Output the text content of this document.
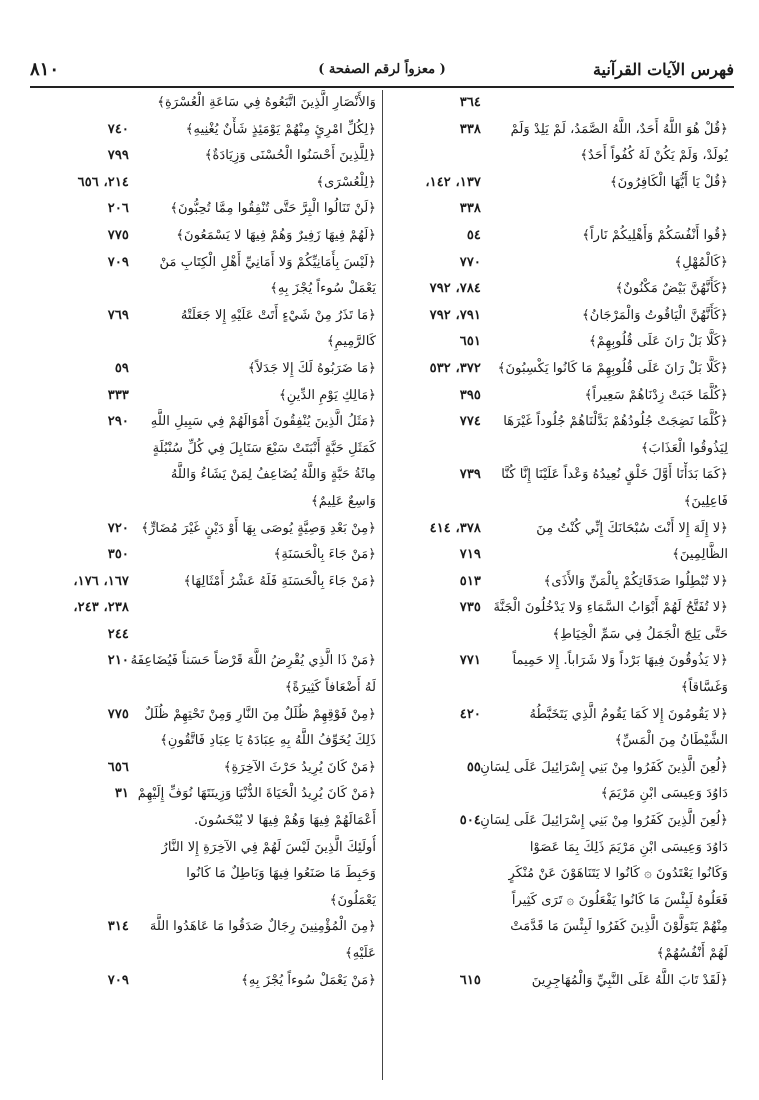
فهرس الآيات القرآنية
( معزواً لرقم الصفحة )
٨١٠
٣٦٤
﴿قُلْ هُوَ اللَّهُ أَحَدٌ، اللَّهُ الصَّمَدُ، لَمْ يَلِدْ وَلَمْ
٣٣٨
يُولَدْ، وَلَمْ يَكُنْ لَهُ كُفُواً أَحَدٌ﴾
﴿قُلْ يَا أَيُّهَا الْكَافِرُونَ﴾
١٣٧، ١٤٢،
٣٣٨
﴿قُوا أَنْفُسَكُمْ وَأَهْلِيكُمْ نَاراً﴾
٥٤
﴿كَالْمُهْلِ﴾
٧٧٠
﴿كَأَنَّهُنَّ بَيْضٌ مَكْنُونٌ﴾
٧٨٤، ٧٩٢
﴿كَأَنَّهُنَّ الْيَاقُوتُ وَالْمَرْجَانُ﴾
٧٩١، ٧٩٢
﴿كَلَّا بَلْ رَانَ عَلَى قُلُوبِهِمْ﴾
٦٥١
﴿كَلَّا بَلْ رَانَ عَلَى قُلُوبِهِمْ مَا كَانُوا يَكْسِبُونَ﴾
٣٧٢، ٥٣٢
﴿كُلَّمَا خَبَتْ زِدْنَاهُمْ سَعِيراً﴾
٣٩٥
﴿كُلَّمَا نَضِجَتْ جُلُودُهُمْ بَدَّلْنَاهُمْ جُلُوداً غَيْرَهَا
٧٧٤
لِيَذُوقُوا الْعَذَابَ﴾
﴿كَمَا بَدَأْنَا أَوَّلَ خَلْقٍ نُعِيدُهُ وَعْداً عَلَيْنَا إِنَّا كُنَّا
٧٣٩
فَاعِلِينَ﴾
﴿لا إِلَهَ إِلا أَنْتَ سُبْحَانَكَ إِنِّي كُنْتُ مِنَ
٣٧٨، ٤١٤
الظَّالِمِينَ﴾
٧١٩
﴿لا تُبْطِلُوا صَدَقَاتِكُمْ بِالْمَنِّ وَالأَذَى﴾
٥١٣
﴿لا تُفَتَّحُ لَهُمْ أَبْوَابُ السَّمَاءِ وَلا يَدْخُلُونَ الْجَنَّةَ
٧٣٥
حَتَّى يَلِجَ الْجَمَلُ فِي سَمِّ الْخِيَاطِ﴾
﴿لا يَذُوقُونَ فِيهَا بَرْداً وَلا شَرَاباً. إِلا حَمِيماً
٧٧١
وَغَسَّاقاً﴾
﴿لا يَقُومُونَ إِلا كَمَا يَقُومُ الَّذِي يَتَخَبَّطُهُ
٤٢٠
الشَّيْطَانُ مِنَ الْمَسِّ﴾
﴿لُعِنَ الَّذِينَ كَفَرُوا مِنْ بَنِي إِسْرَائِيلَ عَلَى لِسَانِ
٥٥
دَاوُدَ وَعِيسَى ابْنِ مَرْيَمَ﴾
﴿لُعِنَ الَّذِينَ كَفَرُوا مِنْ بَنِي إِسْرَائِيلَ عَلَى لِسَانِ
٥٠٤
دَاوُدَ وَعِيسَى ابْنِ مَرْيَمَ ذَلِكَ بِمَا عَصَوْا
وَكَانُوا يَعْتَدُونَ ۞ كَانُوا لا يَتَنَاهَوْنَ عَنْ مُنْكَرٍ
فَعَلُوهُ لَبِئْسَ مَا كَانُوا يَفْعَلُونَ ۞ تَرَى كَثِيراً
مِنْهُمْ يَتَوَلَّوْنَ الَّذِينَ كَفَرُوا لَبِئْسَ مَا قَدَّمَتْ
لَهُمْ أَنْفُسُهُمْ﴾
﴿لَقَدْ تَابَ اللَّهُ عَلَى النَّبِيِّ وَالْمُهَاجِرِينَ
٦١٥
وَالأَنْصَارِ الَّذِينَ اتَّبَعُوهُ فِي سَاعَةِ الْعُسْرَةِ﴾
﴿لِكُلِّ امْرِئٍ مِنْهُمْ يَوْمَئِذٍ شَأْنٌ يُغْنِيهِ﴾
٧٤٠
﴿لِلَّذِينَ أَحْسَنُوا الْحُسْنَى وَزِيَادَةٌ﴾
٧٩٩
﴿لِلْعُسْرَى﴾
٢١٤، ٦٥٦
﴿لَنْ تَنَالُوا الْبِرَّ حَتَّى تُنْفِقُوا مِمَّا تُحِبُّونَ﴾
٢٠٦
﴿لَهُمْ فِيهَا زَفِيرٌ وَهُمْ فِيهَا لا يَسْمَعُونَ﴾
٧٧٥
﴿لَيْسَ بِأَمَانِيِّكُمْ وَلا أَمَانِيِّ أَهْلِ الْكِتَابِ مَنْ
٧٠٩
يَعْمَلْ سُوءاً يُجْزَ بِهِ﴾
﴿مَا تَذَرُ مِنْ شَيْءٍ أَتَتْ عَلَيْهِ إِلا جَعَلَتْهُ
٧٦٩
كَالرَّمِيمِ﴾
﴿مَا ضَرَبُوهُ لَكَ إِلا جَدَلاً﴾
٥٩
﴿مَالِكِ يَوْمِ الدِّينِ﴾
٣٣٣
﴿مَثَلُ الَّذِينَ يُنْفِقُونَ أَمْوَالَهُمْ فِي سَبِيلِ اللَّهِ
٢٩٠
كَمَثَلِ حَبَّةٍ أَنْبَتَتْ سَبْعَ سَنَابِلَ فِي كُلِّ سُنْبُلَةٍ
مِائَةُ حَبَّةٍ وَاللَّهُ يُضَاعِفُ لِمَنْ يَشَاءُ وَاللَّهُ
وَاسِعٌ عَلِيمٌ﴾
﴿مِنْ بَعْدِ وَصِيَّةٍ يُوصَى بِهَا أَوْ دَيْنٍ غَيْرَ مُضَارٍّ﴾
٧٢٠
﴿مَنْ جَاءَ بِالْحَسَنَةِ﴾
٣٥٠
﴿مَنْ جَاءَ بِالْحَسَنَةِ فَلَهُ عَشْرُ أَمْثَالِهَا﴾
١٦٧، ١٧٦،
٢٣٨، ٢٤٣،
٢٤٤
﴿مَنْ ذَا الَّذِي يُقْرِضُ اللَّهَ قَرْضاً حَسَناً فَيُضَاعِفَهُ
٢١٠
لَهُ أَضْعَافاً كَثِيرَةً﴾
﴿مِنْ فَوْقِهِمْ ظُلَلٌ مِنَ النَّارِ وَمِنْ تَحْتِهِمْ ظُلَلٌ
٧٧٥
ذَلِكَ يُخَوِّفُ اللَّهُ بِهِ عِبَادَهُ يَا عِبَادِ فَاتَّقُونِ﴾
﴿مَنْ كَانَ يُرِيدُ حَرْثَ الآخِرَةِ﴾
٦٥٦
﴿مَنْ كَانَ يُرِيدُ الْحَيَاةَ الدُّنْيَا وَزِينَتَهَا نُوَفِّ إِلَيْهِمْ
٣١
أَعْمَالَهُمْ فِيهَا وَهُمْ فِيهَا لا يُبْخَسُونَ.
أُولَئِكَ الَّذِينَ لَيْسَ لَهُمْ فِي الآخِرَةِ إِلا النَّارُ
وَحَبِطَ مَا صَنَعُوا فِيهَا وَبَاطِلٌ مَا كَانُوا
يَعْمَلُونَ﴾
﴿مِنَ الْمُؤْمِنِينَ رِجَالٌ صَدَقُوا مَا عَاهَدُوا اللَّهَ
٣١٤
عَلَيْهِ﴾
﴿مَنْ يَعْمَلْ سُوءاً يُجْزَ بِهِ﴾
٧٠٩
